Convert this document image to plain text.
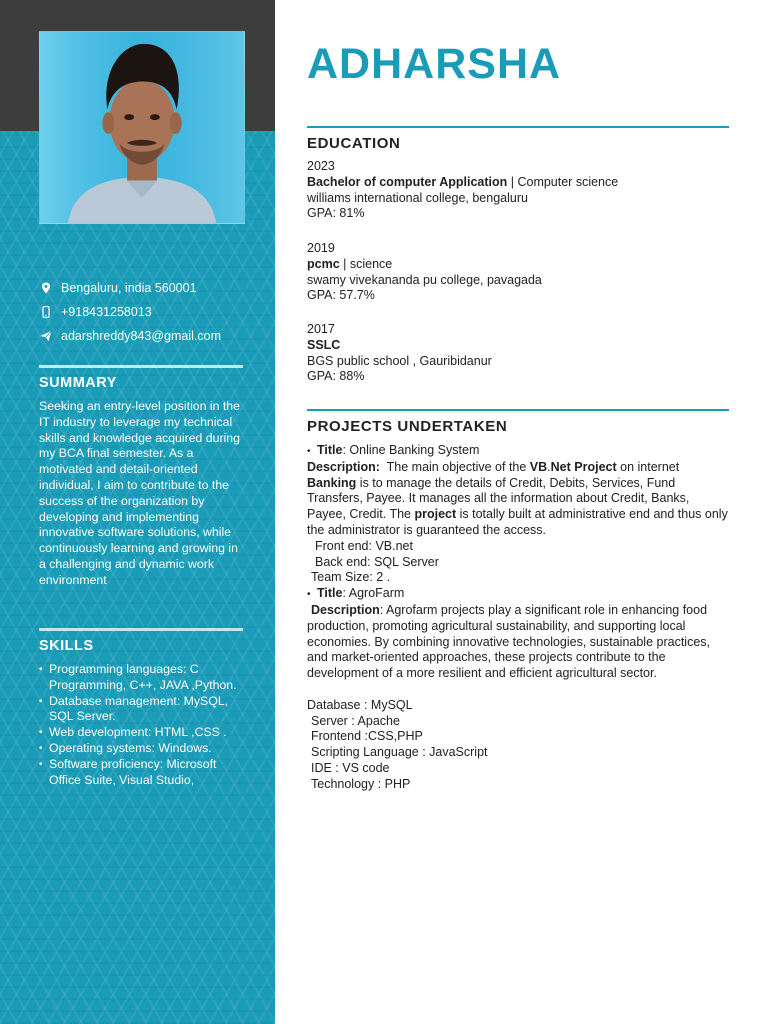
Bengaluru, india 560001
+918431258013
adarshreddy843@gmail.com
SUMMARY
Seeking an entry-level position in the IT industry to leverage my technical skills and knowledge acquired during my BCA final semester. As a motivated and detail-oriented individual, I aim to contribute to the success of the organization by developing and implementing innovative software solutions, while continuously learning and growing in a challenging and dynamic work environment
SKILLS
• Programming languages: C Programming, C++, JAVA ,Python.
• Database management: MySQL, SQL Server.
• Web development: HTML ,CSS .
• Operating systems: Windows.
• Software proficiency: Microsoft Office Suite, Visual Studio,
ADHARSHA
EDUCATION
2023
Bachelor of computer Application | Computer science
williams international college, bengaluru
GPA: 81%
2019
pcmc | science
swamy vivekananda pu college, pavagada
GPA: 57.7%
2017
SSLC
BGS public school , Gauribidanur
GPA: 88%
PROJECTS UNDERTAKEN

• Title: Online Banking System

Description:  The main objective of the VB.Net Project on internet Banking is to manage the details of Credit, Debits, Services, Fund Transfers, Payee. It manages all the information about Credit, Banks, Payee, Credit. The project is totally built at administrative end and thus only the administrator is guaranteed the access.

Front end: VB.net

Back end: SQL Server

Team Size: 2 .

• Title: AgroFarm

Description: Agrofarm projects play a significant role in enhancing food production, promoting agricultural sustainability, and supporting local economies. By combining innovative technologies, sustainable practices, and market-oriented approaches, these projects contribute to the development of a more resilient and efficient agricultural sector.

Database : MySQL

Server : Apache

Frontend :CSS,PHP

Scripting Language : JavaScript

IDE : VS code

Technology : PHP
